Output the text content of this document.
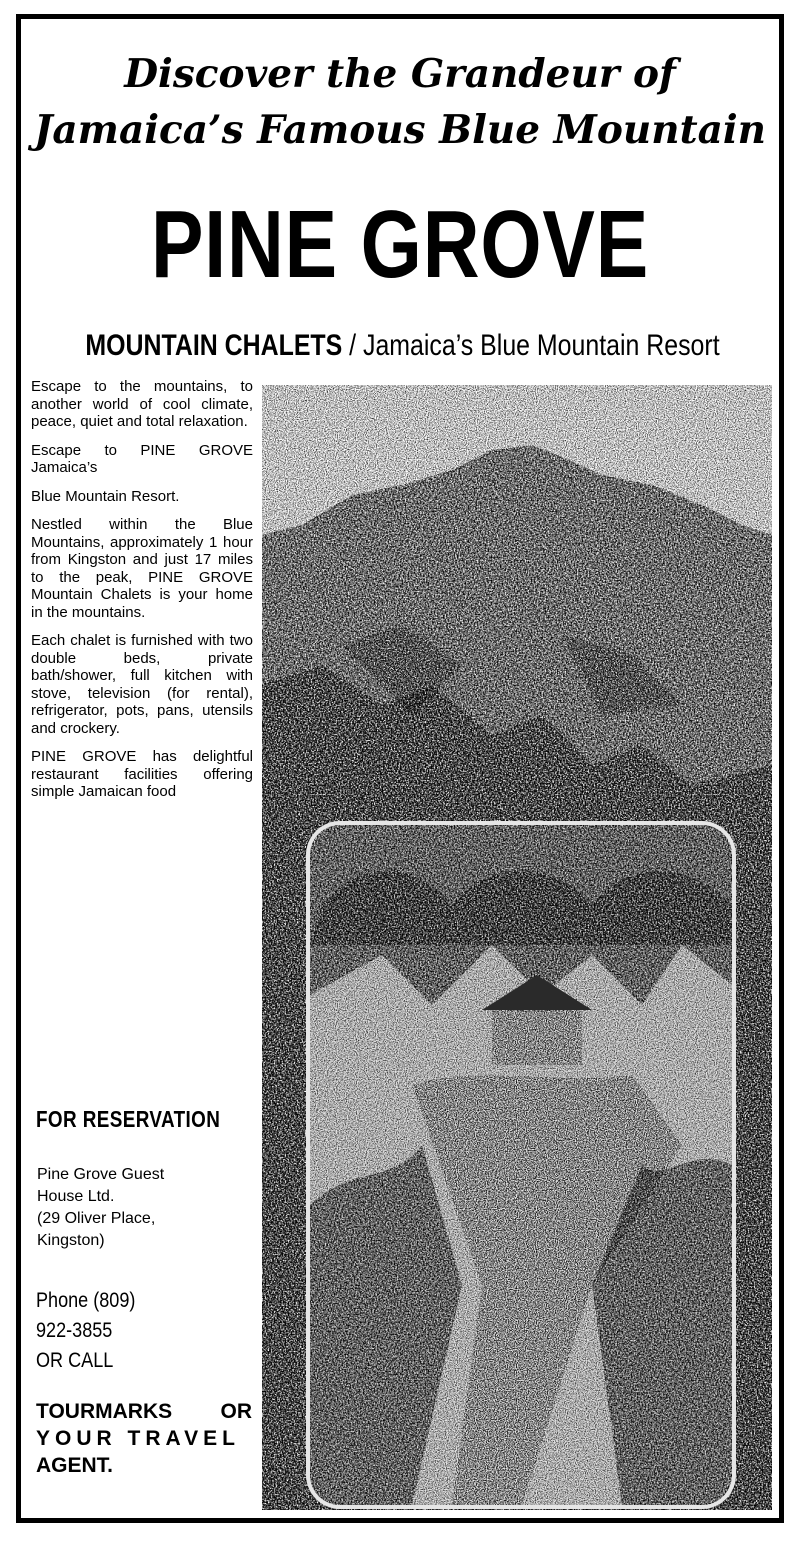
Discover the Grandeur of
Jamaica’s Famous Blue Mountain
PINE GROVE
MOUNTAIN CHALETS / Jamaica’s Blue Mountain Resort

Escape to the mountains, to another world of cool climate, peace, quiet and total relaxation.

Escape to PINE GROVE Jamaica’s

Blue Mountain Resort.

Nestled within the Blue Mountains, approximately 1 hour from Kingston and just 17 miles to the peak, PINE GROVE Mountain Chalets is your home in the mountains.

Each chalet is furnished with two double beds, private bath/shower, full kitchen with stove, television (for rental), refrigerator, pots, pans, utensils and crockery.

PINE GROVE has delightful restaurant facilities offering simple Jamaican food

FOR RESERVATION
Pine Grove Guest
House Ltd.
(29 Oliver Place,
Kingston)
Phone (809)
922-3855
OR CALL
TOURMARKS OR
YOUR TRAVEL
AGENT.
